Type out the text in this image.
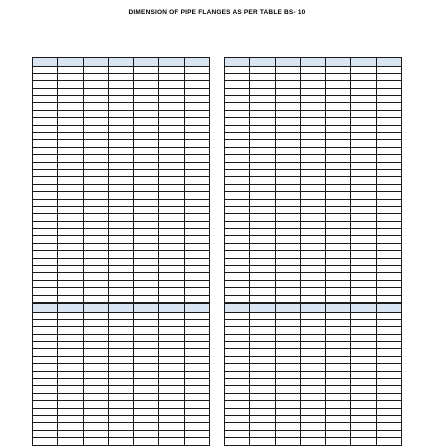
DIMENSION OF PIPE FLANGES AS PER TABLE BS- 10
